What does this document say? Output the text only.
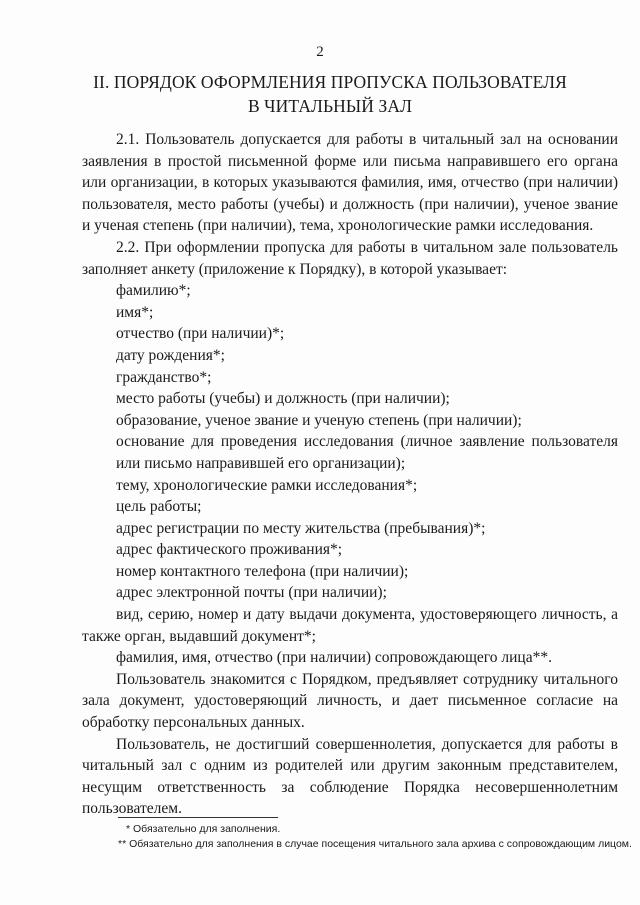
2
II. ПОРЯДОК ОФОРМЛЕНИЯ ПРОПУСКА ПОЛЬЗОВАТЕЛЯ
В ЧИТАЛЬНЫЙ ЗАЛ

2.1. Пользователь допускается для работы в читальный зал на основании заявления в простой письменной форме или письма направившего его органа или организации, в которых указываются фамилия, имя, отчество (при наличии) пользователя, место работы (учебы) и должность (при наличии), ученое звание и ученая степень (при наличии), тема, хронологические рамки исследования.

2.2. При оформлении пропуска для работы в читальном зале пользователь заполняет анкету (приложение к Порядку), в которой указывает:

фамилию*;
имя*;
отчество (при наличии)*;
дату рождения*;
гражданство*;
место работы (учебы) и должность (при наличии);
образование, ученое звание и ученую степень (при наличии);
основание для проведения исследования (личное заявление пользователя или письмо направившей его организации);
тему, хронологические рамки исследования*;
цель работы;
адрес регистрации по месту жительства (пребывания)*;
адрес фактического проживания*;
номер контактного телефона (при наличии);
адрес электронной почты (при наличии);
вид, серию, номер и дату выдачи документа, удостоверяющего личность, а также орган, выдавший документ*;
фамилия, имя, отчество (при наличии) сопровождающего лица**.

Пользователь знакомится с Порядком, предъявляет сотруднику читального зала документ, удостоверяющий личность, и дает письменное согласие на обработку персональных данных.

Пользователь, не достигший совершеннолетия, допускается для работы в читальный зал с одним из родителей или другим законным представителем, несущим ответственность за соблюдение Порядка несовершеннолетним пользователем.

* Обязательно для заполнения.
** Обязательно для заполнения в случае посещения читального зала архива с сопровождающим лицом.
